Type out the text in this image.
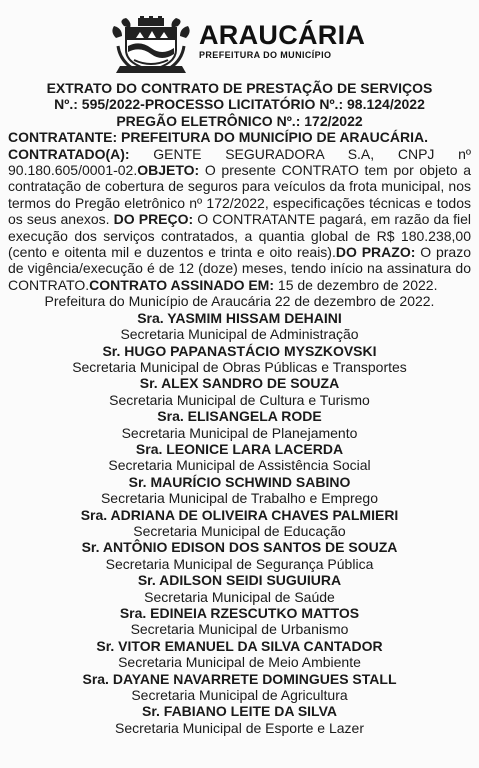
ARAUCÁRIA
PREFEITURA DO MUNICÍPIO
EXTRATO DO CONTRATO DE PRESTAÇÃO DE SERVIÇOS
Nº.: 595/2022-PROCESSO LICITATÓRIO Nº.: 98.124/2022
PREGÃO ELETRÔNICO Nº.: 172/2022
CONTRATANTE: PREFEITURA DO MUNICÍPIO DE ARAUCÁRIA.
CONTRATADO(A): GENTE SEGURADORA S.A, CNPJ nº 90.180.605/0001-02.OBJETO: O presente CONTRATO tem por objeto a contratação de cobertura de seguros para veículos da frota municipal, nos termos do Pregão eletrônico nº 172/2022, especificações técnicas e todos os seus anexos. DO PREÇO: O CONTRATANTE pagará, em razão da fiel execução dos serviços contratados, a quantia global de R$ 180.238,00 (cento e oitenta mil e duzentos e trinta e oito reais).DO PRAZO: O prazo de vigência/execução é de 12 (doze) meses, tendo início na assinatura do CONTRATO.CONTRATO ASSINADO EM: 15 de dezembro de 2022.
Prefeitura do Município de Araucária 22 de dezembro de 2022.
Sra. YASMIM HISSAM DEHAINI
Secretaria Municipal de Administração
Sr. HUGO PAPANASTÁCIO MYSZKOVSKI
Secretaria Municipal de Obras Públicas e Transportes
Sr. ALEX SANDRO DE SOUZA
Secretaria Municipal de Cultura e Turismo
Sra. ELISANGELA RODE
Secretaria Municipal de Planejamento
Sra. LEONICE LARA LACERDA
Secretaria Municipal de Assistência Social
Sr. MAURÍCIO SCHWIND SABINO
Secretaria Municipal de Trabalho e Emprego
Sra. ADRIANA DE OLIVEIRA CHAVES PALMIERI
Secretaria Municipal de Educação
Sr. ANTÔNIO EDISON DOS SANTOS DE SOUZA
Secretaria Municipal de Segurança Pública
Sr. ADILSON SEIDI SUGUIURA
Secretaria Municipal de Saúde
Sra. EDINEIA RZESCUTKO MATTOS
Secretaria Municipal de Urbanismo
Sr. VITOR EMANUEL DA SILVA CANTADOR
Secretaria Municipal de Meio Ambiente
Sra. DAYANE NAVARRETE DOMINGUES STALL
Secretaria Municipal de Agricultura
Sr. FABIANO LEITE DA SILVA
Secretaria Municipal de Esporte e Lazer
